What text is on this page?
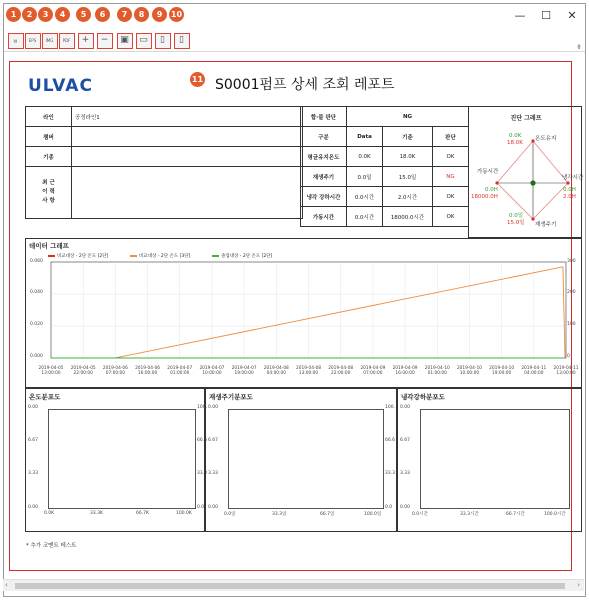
—	☐	✕
▤	EPS IMG PDF + − ▣ ▭ ▯ ▯
⇟
1	2	3	4	5	6	7	8	9	10
11
ULVAC	S0001펌프 상세 조회 레포트
라인	공정라인1
챔버	
기종	
최 근
이 력
사 항	
합·불 판단	NG		
구분	Data	기준	판단
평균유지온도	0.0K	18.0K	OK
재생주기	0.0일	15.0일	NG
냉각 강하시간	0.0시간	2.0시간	OK
가동시간	0.0시간	18000.0시간	OK
진단 그래프
0.0K
18.0K
온도유지
가동시간
0.0H
18000.0H
냉각시간
0.0H
2.0H
0.0일
15.0일 재생주기
데이터 그래프
비교대상 - 2단 온도 [2단]	비교대상 - 2단 온도 [3단]	졸업대상 - 2단 온도 [2단]
0.060
0.040
0.020
0.000
300
200
100
0
2019-04-05
13:00:00
2019-04-05
22:00:00
2019-04-06
07:00:00
2019-04-06
16:00:00
2019-04-07
01:00:00
2019-04-07
10:00:00
2019-04-07
19:00:00
2019-04-08
04:00:00
2019-04-08
13:00:00
2019-04-08
22:00:00
2019-04-09
07:00:00
2019-04-09
16:00:00
2019-04-10
01:00:00
2019-04-10
10:00:00
2019-04-10
19:00:00
2019-04-11
04:00:00
2019-04-11
13:00:00
온도분포도
0.00
6.67
3.33
0.00
100.
66.6
33.3
0.0
0.0K	33.3K	66.7K	100.0K
재생주기분포도
0.00
6.67
3.33
0.00
100.
66.6
33.3
0.0
0.0일	33.3일	66.7일	100.0일
냉각강하분포도
0.00
6.67
3.33
0.00
0.0시간	33.3시간	66.7시간	100.0시간
* 추가 코멘트 테스트
‹	›
